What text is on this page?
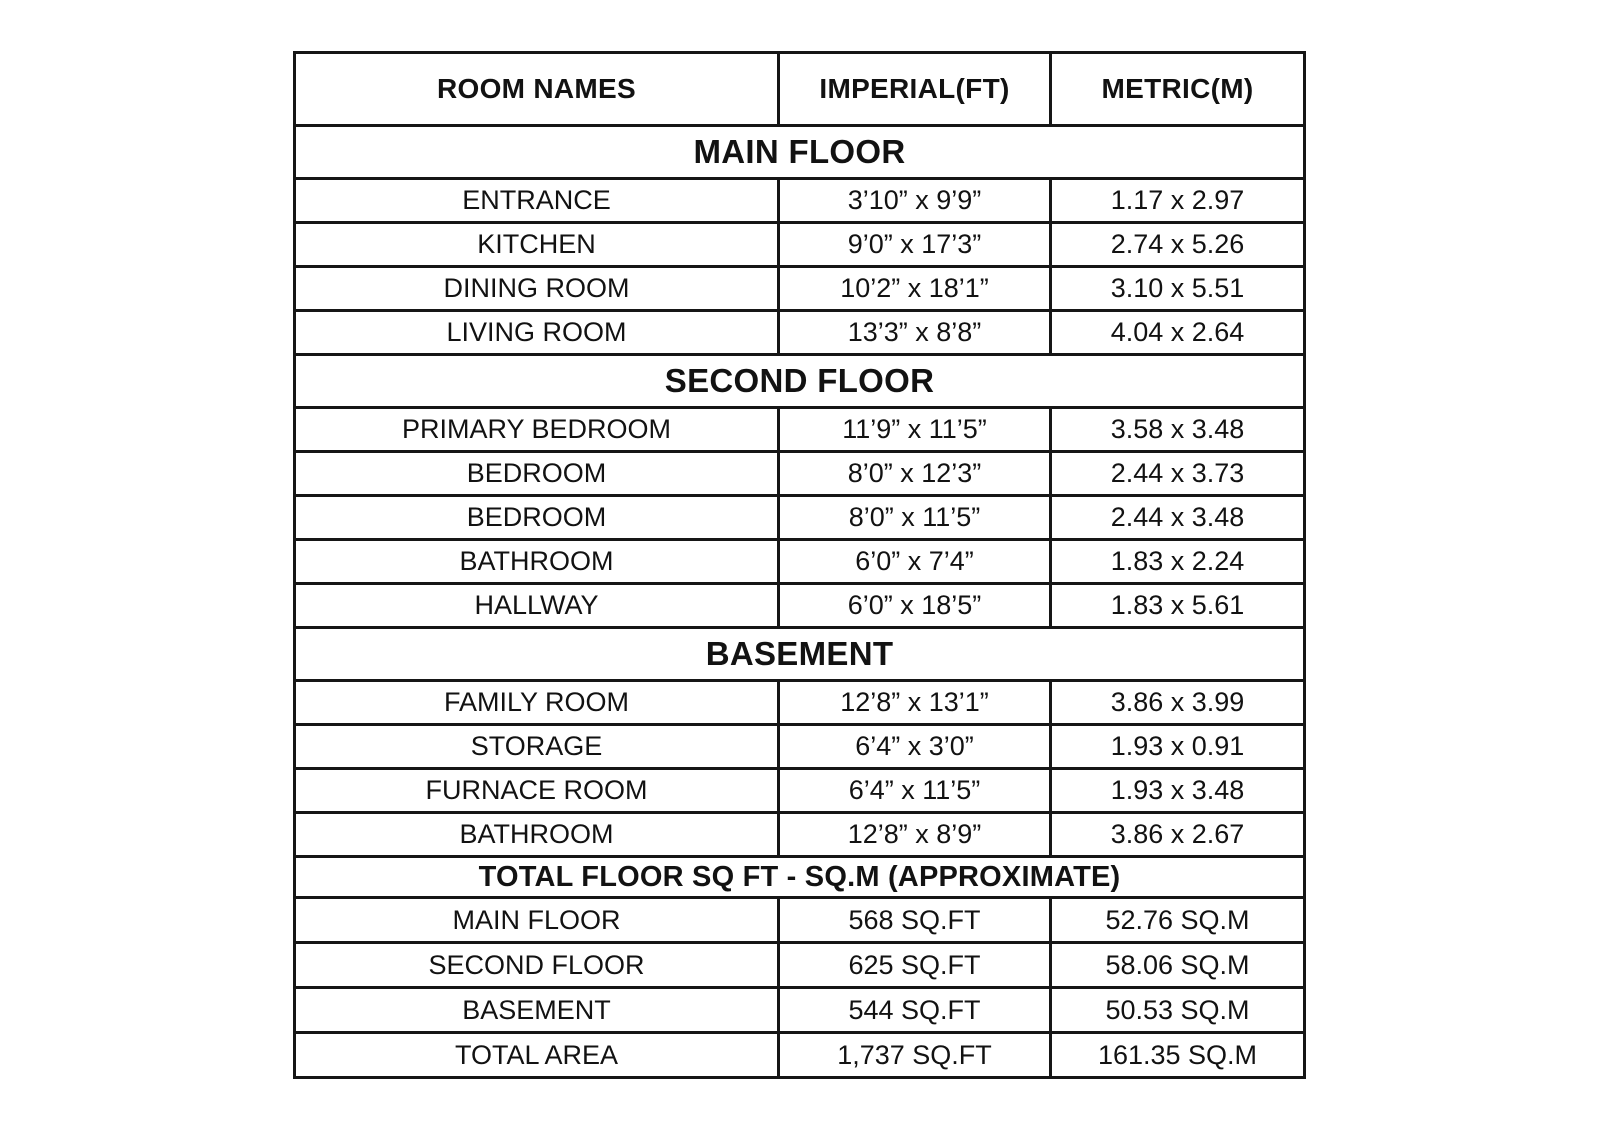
ROOM NAMES	IMPERIAL(FT)	METRIC(M)
MAIN FLOOR		
ENTRANCE	3’10” x 9’9”	1.17 x 2.97
KITCHEN	9’0” x 17’3”	2.74 x 5.26
DINING ROOM	10’2” x 18’1”	3.10 x 5.51
LIVING ROOM	13’3” x 8’8”	4.04 x 2.64
SECOND FLOOR		
PRIMARY BEDROOM	11’9” x 11’5”	3.58 x 3.48
BEDROOM	8’0” x 12’3”	2.44 x 3.73
BEDROOM	8’0” x 11’5”	2.44 x 3.48
BATHROOM	6’0” x 7’4”	1.83 x 2.24
HALLWAY	6’0” x 18’5”	1.83 x 5.61
BASEMENT		
FAMILY ROOM	12’8” x 13’1”	3.86 x 3.99
STORAGE	6’4” x 3’0”	1.93 x 0.91
FURNACE ROOM	6’4” x 11’5”	1.93 x 3.48
BATHROOM	12’8” x 8’9”	3.86 x 2.67
TOTAL FLOOR SQ FT - SQ.M (APPROXIMATE)		
MAIN FLOOR	568 SQ.FT	52.76 SQ.M
SECOND FLOOR	625 SQ.FT	58.06 SQ.M
BASEMENT	544 SQ.FT	50.53 SQ.M
TOTAL AREA	1,737 SQ.FT	161.35 SQ.M
